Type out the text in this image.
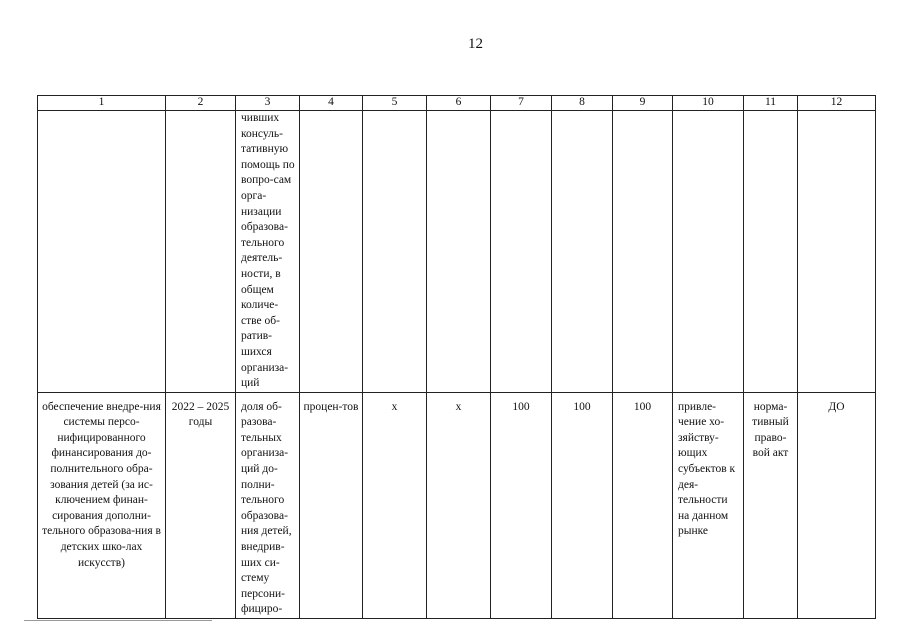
12
1	2	3	4	5	6	7	8	9	10	11	12
		чивших консуль-тативную помощь по вопро-сам орга-низации образова-тельного деятель-ности, в общем количе-стве об-ратив-шихся организа-ций									
обеспечение внедре-ния системы персо-нифицированного финансирования до-полнительного обра-зования детей (за ис-ключением финан-сирования дополни-тельного образова-ния в детских шко-лах искусств)	2022 – 2025 годы	доля об-разова-тельных организа-ций до-полни-тельного образова-ния детей, внедрив-ших си-стему персони-фициро-	процен-тов	x	x	100	100	100	привле-чение хо-зяйству-ющих субъектов к дея-тельности на данном рынке	норма-тивный право-вой акт	ДО
